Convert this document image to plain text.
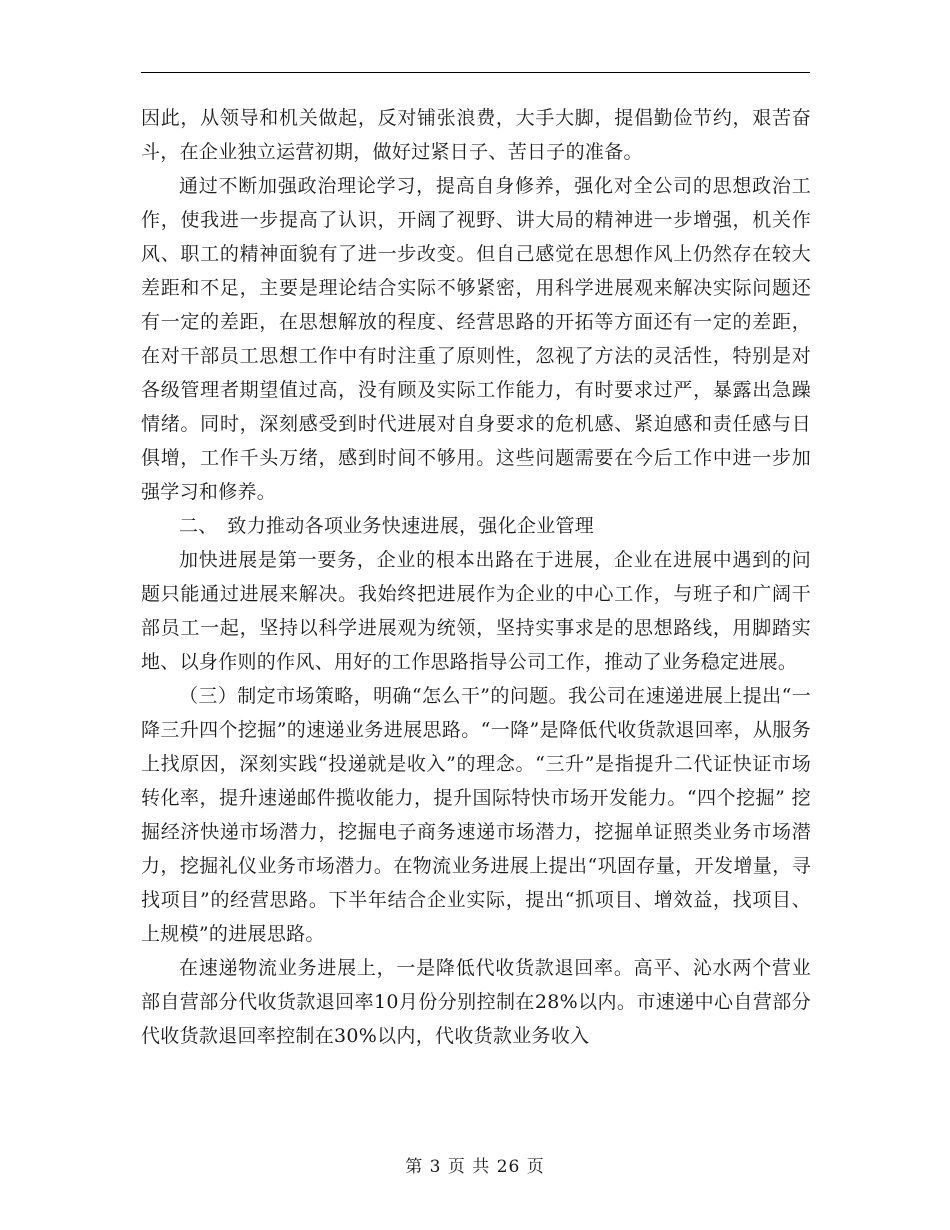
因此，从领导和机关做起，反对铺张浪费，大手大脚，提倡勤俭节约，艰苦奋斗，在企业独立运营初期，做好过紧日子、苦日子的准备。

通过不断加强政治理论学习，提高自身修养，强化对全公司的思想政治工作，使我进一步提高了认识，开阔了视野、讲大局的精神进一步增强，机关作风、职工的精神面貌有了进一步改变。但自己感觉在思想作风上仍然存在较大差距和不足，主要是理论结合实际不够紧密，用科学进展观来解决实际问题还有一定的差距，在思想解放的程度、经营思路的开拓等方面还有一定的差距，在对干部员工思想工作中有时注重了原则性，忽视了方法的灵活性，特别是对各级管理者期望值过高，没有顾及实际工作能力，有时要求过严，暴露出急躁情绪。同时，深刻感受到时代进展对自身要求的危机感、紧迫感和责任感与日俱增，工作千头万绪，感到时间不够用。这些问题需要在今后工作中进一步加强学习和修养。

二、　致力推动各项业务快速进展，强化企业管理

加快进展是第一要务，企业的根本出路在于进展，企业在进展中遇到的问题只能通过进展来解决。我始终把进展作为企业的中心工作，与班子和广阔干部员工一起，坚持以科学进展观为统领，坚持实事求是的思想路线，用脚踏实地、以身作则的作风、用好的工作思路指导公司工作，推动了业务稳定进展。

（三）制定市场策略，明确“怎么干”的问题。我公司在速递进展上提出“一降三升四个挖掘”的速递业务进展思路。“一降”是降低代收货款退回率，从服务上找原因，深刻实践“投递就是收入”的理念。“三升”是指提升二代证快证市场转化率，提升速递邮件揽收能力，提升国际特快市场开发能力。“四个挖掘” 挖掘经济快递市场潜力，挖掘电子商务速递市场潜力，挖掘单证照类业务市场潜力，挖掘礼仪业务市场潜力。在物流业务进展上提出“巩固存量，开发增量，寻找项目”的经营思路。下半年结合企业实际，提出“抓项目、增效益，找项目、上规模”的进展思路。

在速递物流业务进展上，一是降低代收货款退回率。高平、沁水两个营业部自营部分代收货款退回率10月份分别控制在28%以内。市速递中心自营部分代收货款退回率控制在30%以内，代收货款业务收入

第 3 页 共 26 页
